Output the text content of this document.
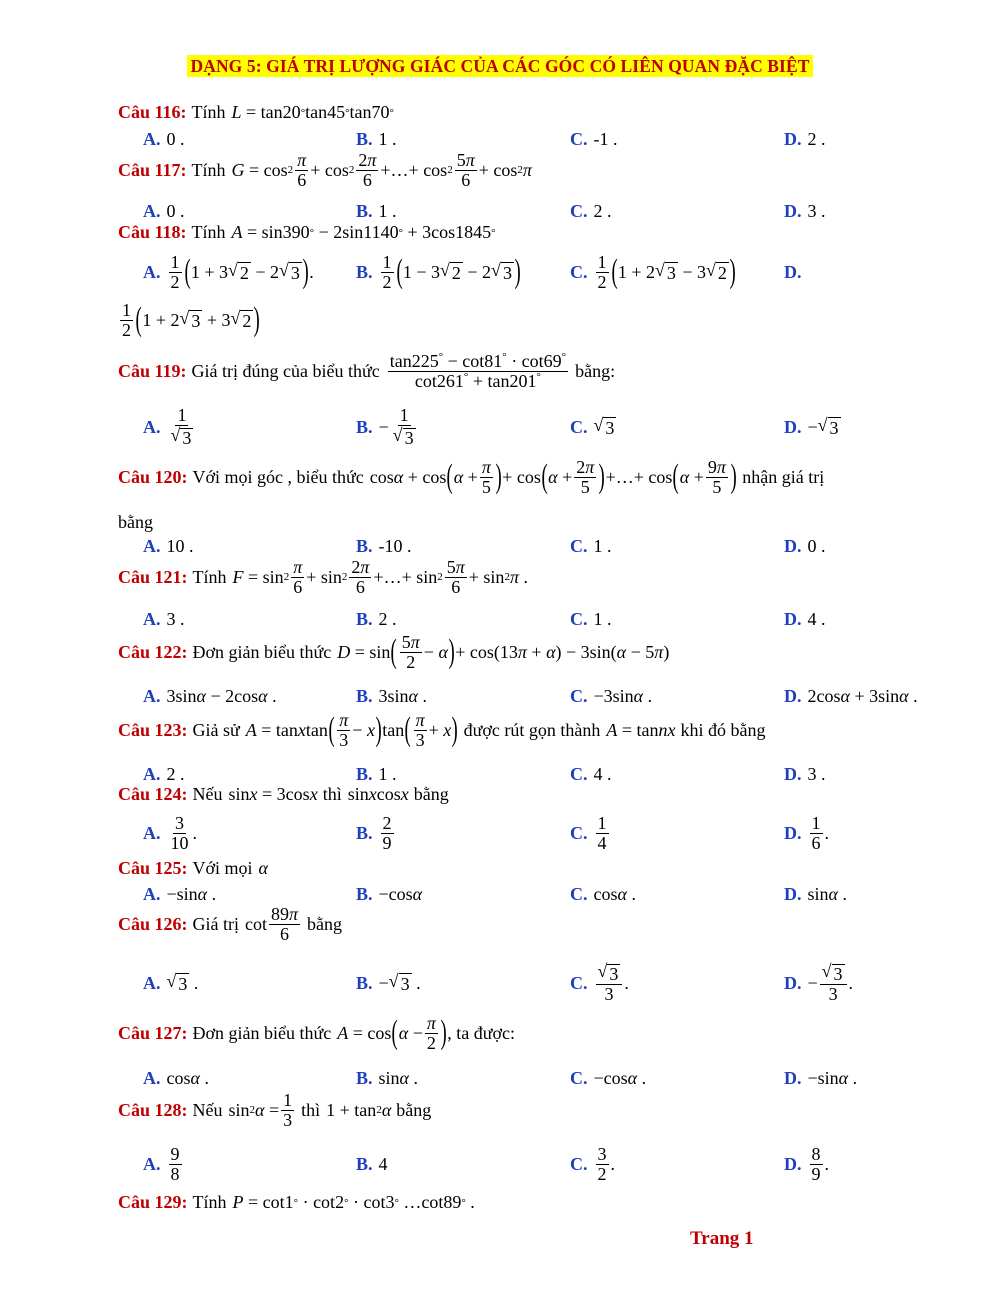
DẠNG 5: GIÁ TRỊ LƯỢNG GIÁC CỦA CÁC GÓC CÓ LIÊN QUAN ĐẶC BIỆT
Câu 116: Tính L = tan20 ° tan45 ° tan70 °
A. 0 .	B. 1 .	C. -1 .	D. 2 .
Câu 117: Tính $G = \cos 2 \frac{\pi}{6} + \cos 2 \frac{2\pi}{6}$ +…+ $\cos 2 \frac{5\pi}{6} + \cos 2$ π
A. 0 .	B. 1 .	C. 2 .	D. 3 .
Câu 118: Tính A = sin390 ° − 2sin1140 ° + 3cos1845 °
A. $\frac{1}{2}$ ( 1 + 3 √ 2 − 2 √ 3 ) . B. $\frac{1}{2}$ ( 1 − 3 √ 2 − 2 √ 3 )	C. $\frac{1}{2}$ ( 1 + 2 √ 3 − 3 √ 2 )	D.
$\frac{1}{2}$ ( 1 + 2 √ 3 + 3 √ 2 )
Câu 119: Giá trị đúng của biểu thức $\frac{\tan 225^\circ - \cot 81^\circ \cdot \cot 69^\circ}{\cot 261^\circ + \tan 201^\circ}$ bằng:
A. $\frac{1}{√ 3}$	B. − $\frac{1}{√ 3}$	C. √ 3	D. − √ 3
Câu 120: Với mọi góc , biểu thức cos α + cos ( $\alpha + \frac{\pi}{5}$ ) + cos ( $\alpha + \frac{2\pi}{5}$ ) +…+ cos ( $\alpha + \frac{9\pi}{5}$ ) nhận giá trị
bằng
A. 10 .	B. -10 .	C. 1 .	D. 0 .
Câu 121: Tính $F = \sin 2 \frac{\pi}{6} + \sin 2 \frac{2\pi}{6}$ +…+ $\sin 2 \frac{5\pi}{6} + \sin 2$ π .
A. 3 .	B. 2 .	C. 1 .	D. 4 .
Câu 122: Đơn giản biểu thức D = sin ( $\frac{5\pi}{2} - \alpha$ ) + cos(13 π + α ) − 3sin( α − 5 π )
A. 3sin α − 2cos α .	B. 3sin α .	C. −3sin α .	D. 2cos α + 3sin α .
Câu 123: Giả sử A = tan x tan ( $\frac{\pi}{3} - x$ ) tan ( $\frac{\pi}{3} + x$ ) được rút gọn thành A = tan nx khi đó bằng
A. 2 .	B. 1 .	C. 4 .	D. 3 .
Câu 124: Nếu sin x = 3cos x thì sin x cos x bằng
A. $\frac{3}{10}$ .	B. $\frac{2}{9}$	C. $\frac{1}{4}$	D. $\frac{1}{6}$ .
Câu 125: Với mọi α
A. −sin α .	B. −cos α	C. cos α .	D. sin α .
Câu 126: Giá trị $\cot \frac{89\pi}{6}$ bằng
A. √ 3 .	B. − √ 3 .	C. $\frac{√ 3}{3}$ .	D. − $\frac{√ 3}{3}$ .
Câu 127: Đơn giản biểu thức A = cos ( $\alpha - \frac{\pi}{2}$ ) , ta được:
A. cos α .	B. sin α .	C. −cos α .	D. −sin α .
Câu 128: Nếu sin 2 $\alpha = \frac{1}{3}$ thì 1 + tan 2 α bằng
A. $\frac{9}{8}$	B. 4	C. $\frac{3}{2}$ .	D. $\frac{8}{9}$ .
Câu 129: Tính P = cot1 ° · cot2 ° · cot3 ° …cot89 ° .
Trang 1
